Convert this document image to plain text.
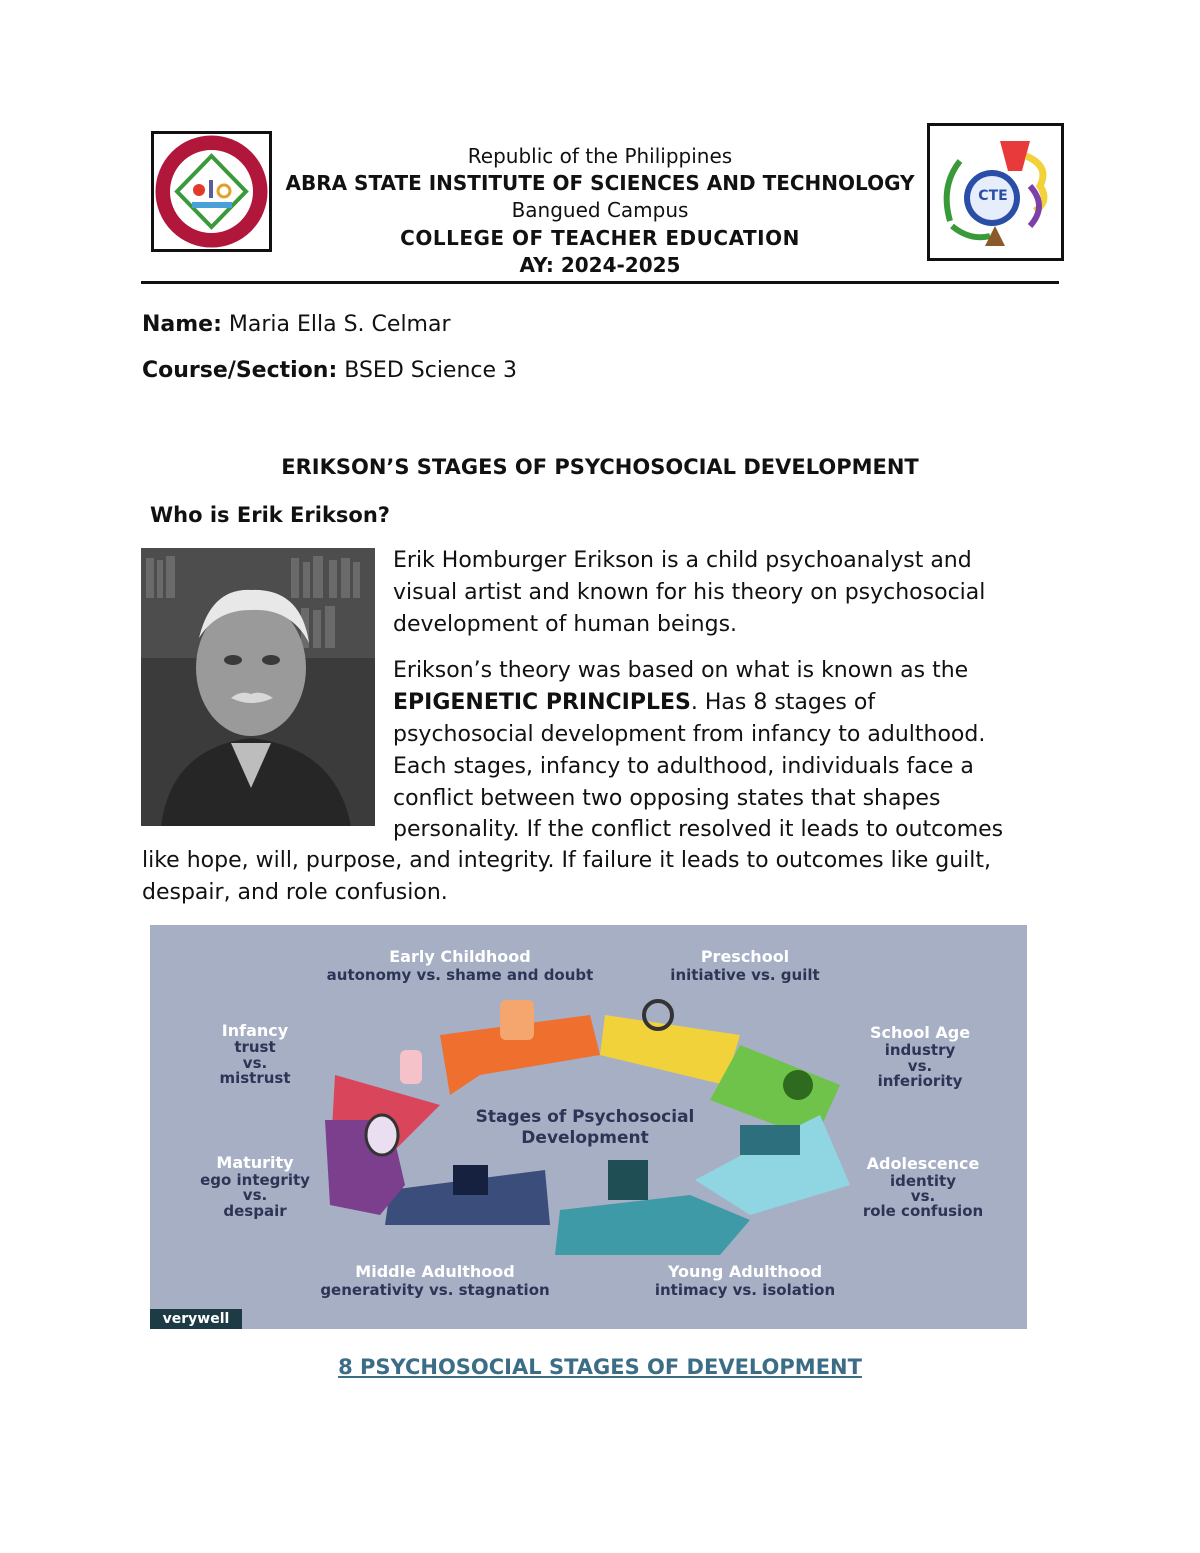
CTE
Republic of the Philippines
ABRA STATE INSTITUTE OF SCIENCES AND TECHNOLOGY
Bangued Campus
COLLEGE OF TEACHER EDUCATION
AY: 2024-2025
Name: Maria Ella S. Celmar
Course/Section: BSED Science 3
ERIKSON’S STAGES OF PSYCHOSOCIAL DEVELOPMENT
Who is Erik Erikson?
Erik Homburger Erikson is a child psychoanalyst and
visual artist and known for his theory on psychosocial
development of human beings.
Erikson’s theory was based on what is known as the
EPIGENETIC PRINCIPLES. Has 8 stages of
psychosocial development from infancy to adulthood.
Each stages, infancy to adulthood, individuals face a
conflict between two opposing states that shapes
personality. If the conflict resolved it leads to outcomes
like hope, will, purpose, and integrity. If failure it leads to outcomes like guilt,
despair, and role confusion.
Stages of Psychosocial
Development
Infancy
trust
vs.
mistrust
Early Childhood
autonomy vs. shame and doubt
Preschool
initiative vs. guilt
School Age
industry
vs.
inferiority
Adolescence
identity
vs.
role confusion
Young Adulthood
intimacy vs. isolation
Middle Adulthood
generativity vs. stagnation
Maturity
ego integrity
vs.
despair
verywell
8 PSYCHOSOCIAL STAGES OF DEVELOPMENT
